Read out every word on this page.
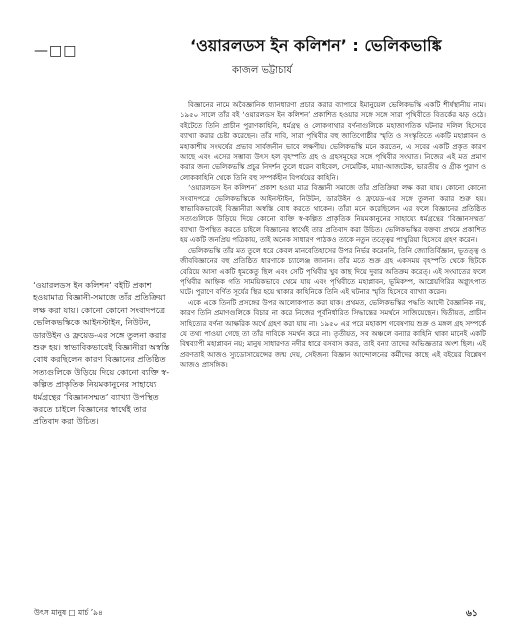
—□□	‘ওয়ারলডস ইন কলিশন’ : ভেলিকভাঙ্কি
কাজল ভট্টাচার্য

বিজ্ঞানের নামে অবৈজ্ঞানিক ধ্যানধারণা প্রচার করার ব্যাপারে ইমানুয়েল ভেলিকভস্কি একটি শীর্ষস্থানীয় নাম। ১৯৫০ সালে তাঁর বই ‘ওয়ারলডস ইন কলিশন’ প্রকাশিত হওয়ার সঙ্গে সঙ্গে সারা পৃথিবীতে বিতর্কের ঝড় ওঠে। বইটেতে তিনি প্রাচীন পুরাণকাহিনি, ধর্মগ্রন্থ ও লোকগাথার বর্ণনাগুলিকে মহাজাগতিক ঘটনার দলিল হিসেবে ব্যাখ্যা করার চেষ্টা করেছেন। তাঁর দাবি, সারা পৃথিবীর বহু জাতিগোষ্ঠীর স্মৃতি ও সংস্কৃতিতে একটি মহাপ্লাবন ও মহাকাশীয় সংঘর্ষের প্রভাব সার্বজনীন ভাবে লক্ষণীয়। ভেলিকভস্কি মনে করতেন, এ সবের একটি প্রকৃত কারণ আছে এবং এসের সম্ভাব্য উৎস হল বৃহস্পতি গ্রহ ও গ্রহসমূহের সঙ্গে পৃথিবীর সংঘাত। নিজের এই মত প্রমাণ করার জন্য ভেলিকভস্কি প্রচুর নিদর্শন তুলে ধরেন বাইবেল, সেমেটিক, মায়া-আজটেক, ভারতীয় ও গ্রীক পুরাণ ও লোককাহিনি থেকে তিনি বহু সম্পর্কহীন বিপর্যয়ের কাহিনি।

‘ওয়ারলডস ইন কলিশন’ প্রকাশ হওয়া মাত্র বিজ্ঞানী সমাজে তাঁর প্রতিক্রিয়া লক্ষ করা যায়। কোনো কোনো সংবাদপত্রে ভেলিকভস্কিকে আইনস্টাইন, নিউটন, ডারউইন ও ফ্রয়েড-এর সঙ্গে তুলনা করার শুরু হয়। স্বাভাবিকভাবেই বিজ্ঞানীরা অস্বস্তি বোধ করতে থাকেন। তাঁরা মনে করেছিলেন এর ফলে বিজ্ঞানের প্রতিষ্ঠিত সত্যগুলিকে উড়িয়ে দিয়ে কোনো ব্যক্তি স্ব-কল্পিত প্রাকৃতিক নিয়মকানুনের সাহায্যে ধর্মগ্রন্থের ‘বিজ্ঞানসম্মত’ ব্যাখ্যা উপস্থিত করতে চাইলে বিজ্ঞানের স্বার্থেই তার প্রতিবাদ করা উচিত। ভেলিকভস্কির বক্তব্য প্রথমে প্রকাশিত হয় একটি জনপ্রিয় পত্রিকায়, তাই অনেক সাধারণ পাঠকও তাকে নতুন তত্ত্বের পাথুরিয়া হিসেবে গ্রহণ করেন।

ভেলিকভস্কি তাঁর মত তুলে ধরে কেবল মানবেতিহাসের উপর নির্ভর করেননি, তিনি জ্যোতির্বিজ্ঞান, ভূতত্ত্ব ও জীববিজ্ঞানের বহু প্রতিষ্ঠিত ধারণাকে চ্যালেঞ্জ জানান। তাঁর মতে শুক্র গ্রহ একসময় বৃহস্পতি থেকে ছিটকে বেরিয়ে আসা একটি ধূমকেতু ছিল এবং সেটি পৃথিবীর খুব কাছ দিয়ে দুবার অতিক্রম করেত্। এই সংঘাতের ফলে পৃথিবীর আহ্নিক গতি সাময়িকভাবে থেমে যায় এবং পৃথিবীতে মহাপ্লাবন, ভূমিকম্প, আগ্নেয়গিরির অগ্ন্যুৎপাত ঘটে। পুরাণে বর্ণিত সূর্যের স্থির হয়ে থাকার কাহিনিকে তিনি এই ঘটনার স্মৃতি হিসেবে ব্যাখ্যা করেন।

একে একে তিনটি প্রসঙ্গের উপর আলোকপাত করা যাক। প্রথমত, ভেলিকভস্কির পদ্ধতি আদৌ বৈজ্ঞানিক নয়, কারণ তিনি প্রমাণগুলিকে বিচার না করে নিজের পূর্বনির্ধারিত সিদ্ধান্তের সমর্থনে সাজিয়েছেন। দ্বিতীয়ত, প্রাচীন সাহিত্যের বর্ণনা আক্ষরিক অর্থে গ্রহণ করা যায় না। ১৯৫০ এর পরে মহাকাশ গবেষণায় শুক্র ও মঙ্গল গ্রহ সম্পর্কে যে তথ্য পাওয়া গেছে তা তাঁর দাবিকে সমর্থন করে না। তৃতীয়ত, সব অঞ্চলে বন্যার কাহিনি থাকা মানেই একটি বিশ্বব্যাপী মহাপ্লাবন নয়; মানুষ সাধারণত নদীর ধারে বসবাস করত, তাই বন্যা তাদের অভিজ্ঞতার অংশ ছিল। এই প্রবণতাই আজও স্যুডোসায়েন্সের জন্ম দেয়, সেইজন্য বিজ্ঞান আন্দোলনের কর্মীদের কাছে এই বইয়ের বিশ্লেষণ আজও প্রাসঙ্গিক।

‘ওয়ারলডস ইন কলিশন’ বইটি প্রকাশ হওয়ামাত্র বিজ্ঞানী-সমাজে তাঁর প্রতিক্রিয়া লক্ষ করা যায়। কোনো কোনো সংবাদপত্রে ভেলিকভস্কিকে আইনস্টাইন, নিউটন, ডারউইন ও ফ্রয়েড-এর সঙ্গে তুলনা করার শুরু হয়। স্বাভাবিকভাবেই বিজ্ঞানীরা অস্বস্তি বোধ করছিলেন কারণ বিজ্ঞানের প্রতিষ্ঠিত সত্যগুলিকে উড়িয়ে দিয়ে কোনো ব্যক্তি স্ব-কল্পিত প্রাকৃতিক নিয়মকানুনের সাহায্যে ধর্মগ্রন্থের ‘বিজ্ঞানসম্মত’ ব্যাখ্যা উপস্থিত করতে চাইলে বিজ্ঞানের স্বার্থেই তার প্রতিবাদ করা উচিত।
উৎস মানুষ □ মার্চ ’৯৪	৬১
